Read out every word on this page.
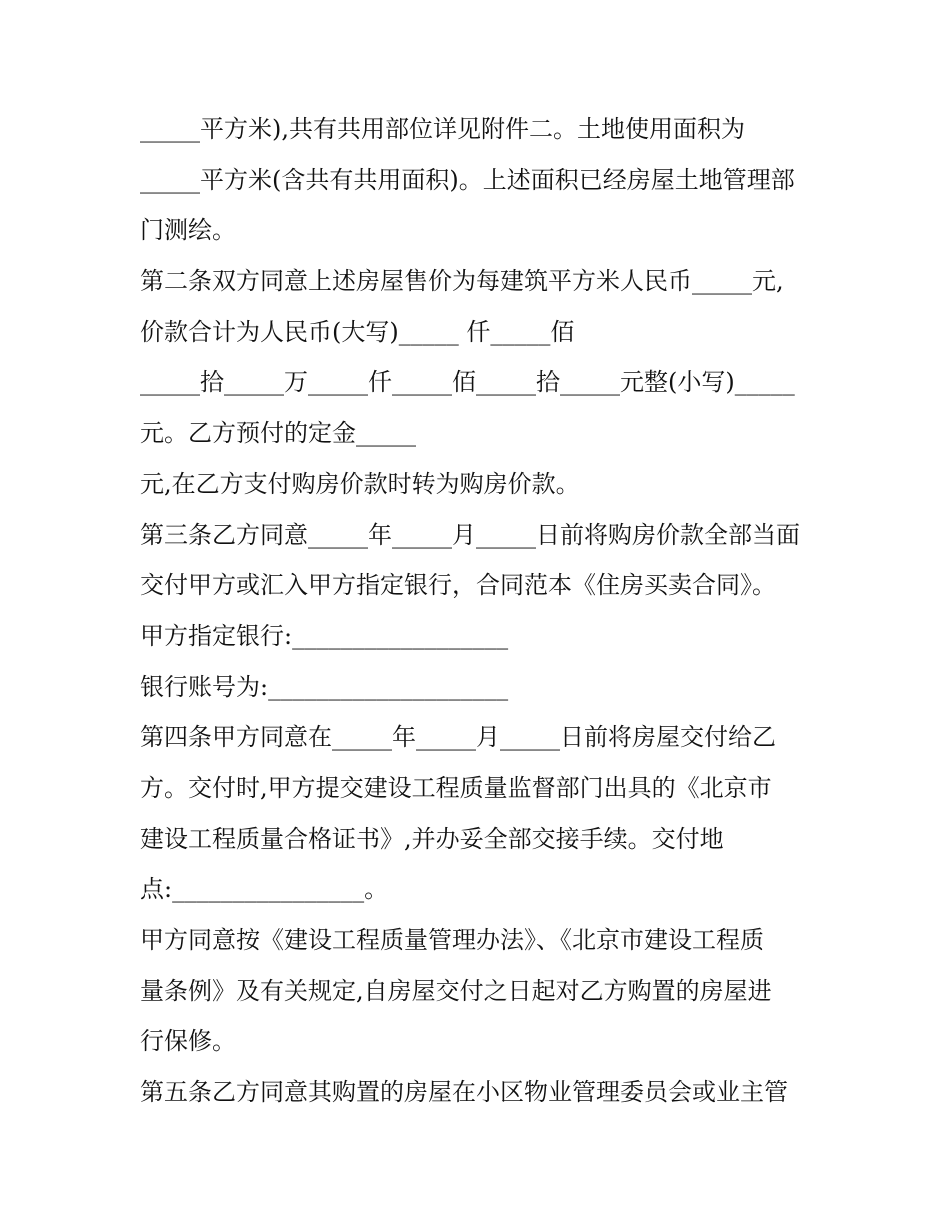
_____平方米),共有共用部位详见附件二。土地使用面积为
_____平方米(含共有共用面积)。上述面积已经房屋土地管理部
门测绘。
第二条双方同意上述房屋售价为每建筑平方米人民币_____元,
价款合计为人民币(大写)_____ 仟_____佰
_____拾_____万_____仟_____佰_____拾_____元整(小写)_____
元。乙方预付的定金_____
元,在乙方支付购房价款时转为购房价款。
第三条乙方同意_____年_____月_____日前将购房价款全部当面
交付甲方或汇入甲方指定银行，合同范本《住房买卖合同》。
甲方指定银行:__________________
银行账号为:____________________
第四条甲方同意在_____年_____月_____日前将房屋交付给乙
方。交付时,甲方提交建设工程质量监督部门出具的《北京市
建设工程质量合格证书》,并办妥全部交接手续。交付地
点:________________。
甲方同意按《建设工程质量管理办法》、《北京市建设工程质
量条例》及有关规定,自房屋交付之日起对乙方购置的房屋进
行保修。
第五条乙方同意其购置的房屋在小区物业管理委员会或业主管
